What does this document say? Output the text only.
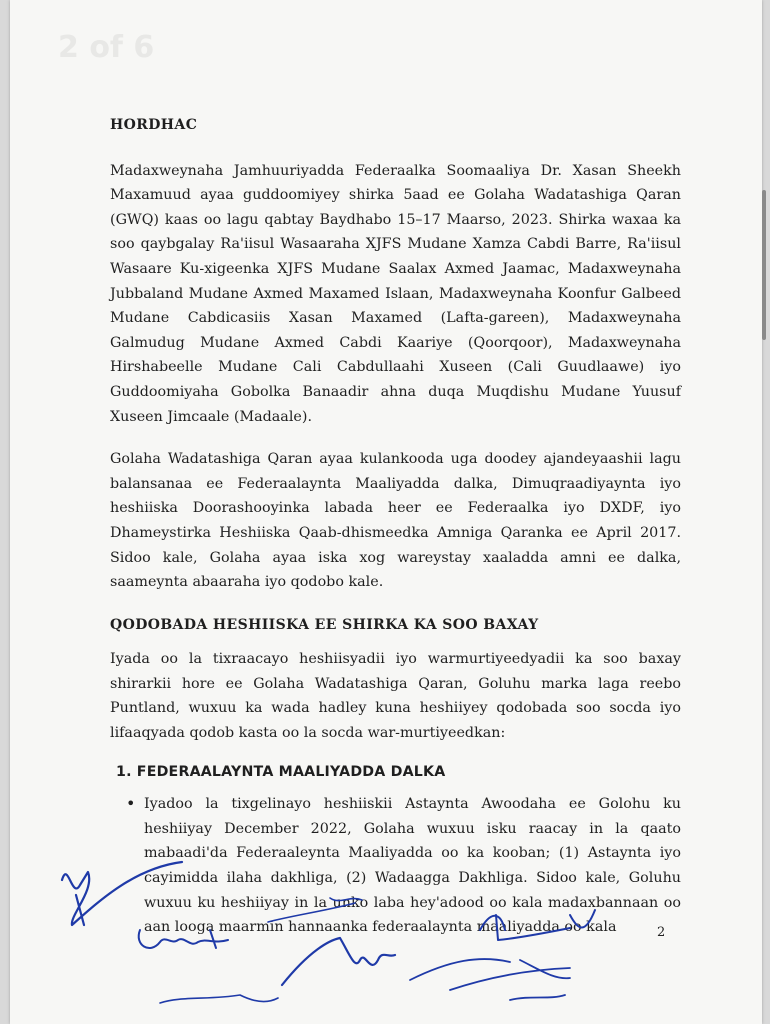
2 of 6
HORDHAC

Madaxweynaha Jamhuuriyadda Federaalka Soomaaliya Dr. Xasan Sheekh Maxamuud ayaa guddoomiyey shirka 5aad ee Golaha Wadatashiga Qaran (GWQ) kaas oo lagu qabtay Baydhabo 15–17 Maarso, 2023. Shirka waxaa ka soo qaybgalay Ra'iisul Wasaaraha XJFS Mudane Xamza Cabdi Barre, Ra'iisul Wasaare Ku-xigeenka XJFS Mudane Saalax Axmed Jaamac, Madaxweynaha Jubbaland Mudane Axmed Maxamed Islaan, Madaxweynaha Koonfur Galbeed Mudane Cabdicasiis Xasan Maxamed (Lafta-gareen), Madaxweynaha Galmudug Mudane Axmed Cabdi Kaariye (Qoorqoor), Madaxweynaha Hirshabeelle Mudane Cali Cabdullaahi Xuseen (Cali Guudlaawe) iyo Guddoomiyaha Gobolka Banaadir ahna duqa Muqdishu Mudane Yuusuf Xuseen Jimcaale (Madaale).

Golaha Wadatashiga Qaran ayaa kulankooda uga doodey ajandeyaashii lagu balansanaa ee Federaalaynta Maaliyadda dalka, Dimuqraadiyaynta iyo heshiiska Doorashooyinka labada heer ee Federaalka iyo DXDF, iyo Dhameystirka Heshiiska Qaab-dhismeedka Amniga Qaranka ee April 2017. Sidoo kale, Golaha ayaa iska xog wareystay xaaladda amni ee dalka, saameynta abaaraha iyo qodobo kale.

QODOBADA HESHIISKA EE SHIRKA KA SOO BAXAY

Iyada oo la tixraacayo heshiisyadii iyo warmurtiyeedyadii ka soo baxay shirarkii hore ee Golaha Wadatashiga Qaran, Goluhu marka laga reebo Puntland, wuxuu ka wada hadley kuna heshiiyey qodobada soo socda iyo lifaaqyada qodob kasta oo la socda war-murtiyeedkan:

1. FEDERAALAYNTA MAALIYADDA DALKA
• Iyadoo la tixgelinayo heshiiskii Astaynta Awoodaha ee Golohu ku heshiiyay December 2022, Golaha wuxuu isku raacay in la qaato mabaadi'da Federaaleynta Maaliyadda oo ka kooban; (1) Astaynta iyo cayimidda ilaha dakhliga, (2) Wadaagga Dakhliga. Sidoo kale, Goluhu wuxuu ku heshiiyay in la unko laba hey'adood oo kala madaxbannaan oo aan looga maarmin hannaanka federaalaynta maaliyadda oo kala	2
